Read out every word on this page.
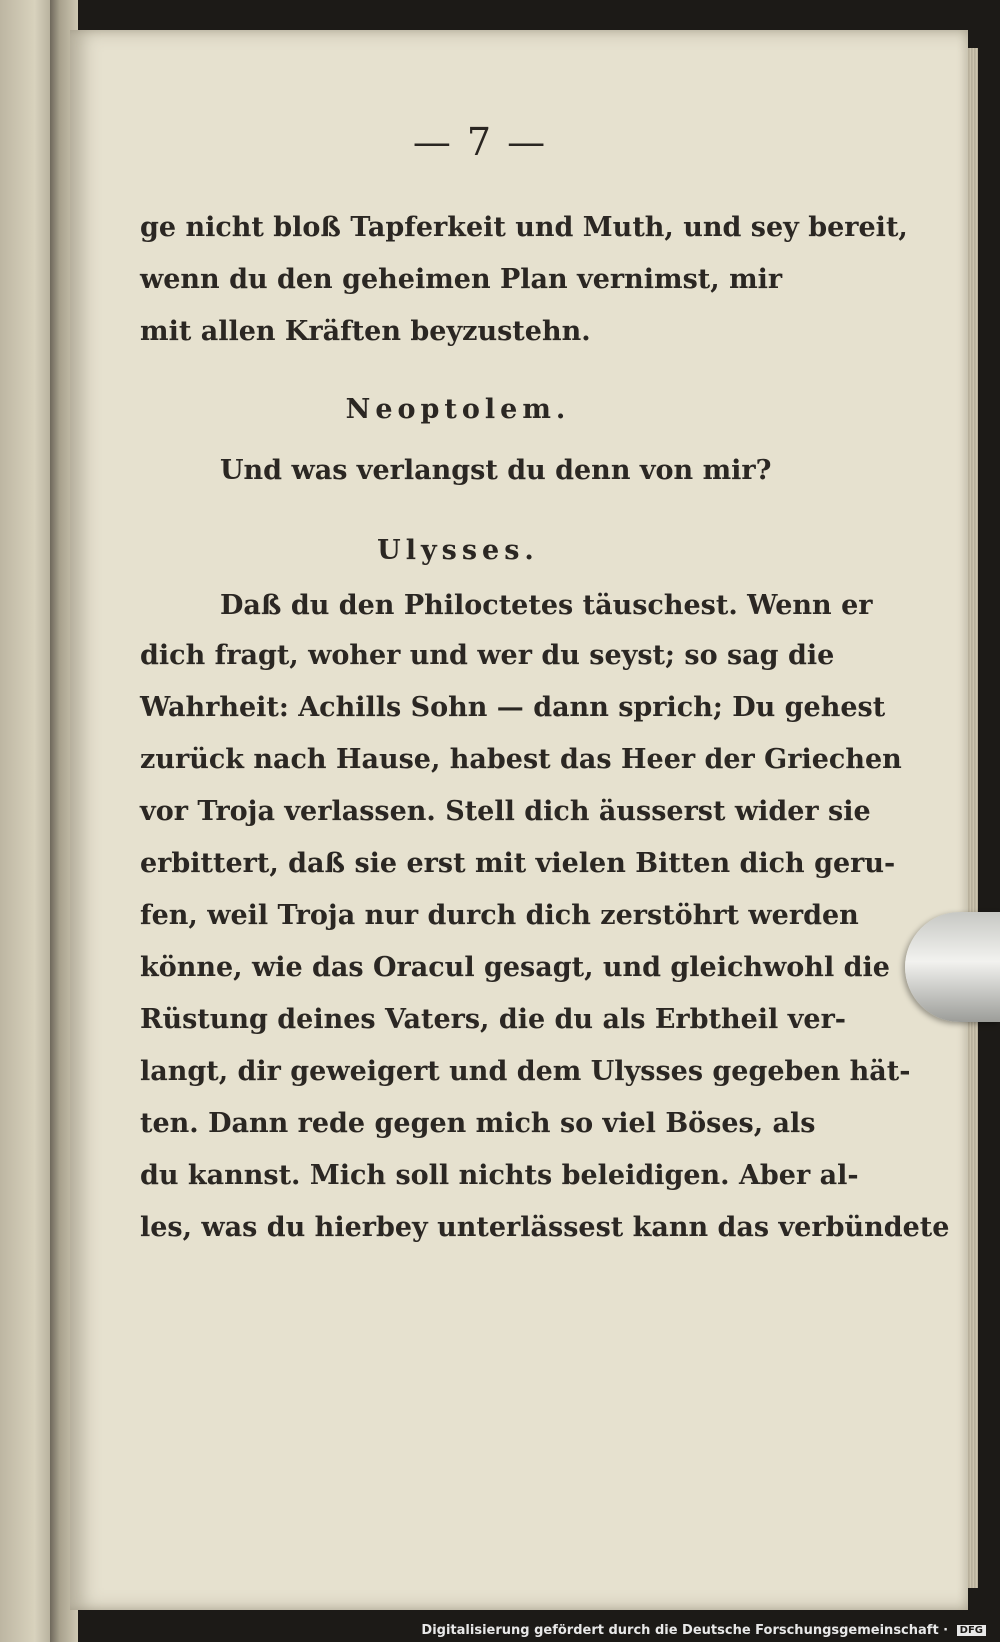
— 7 —
ge nicht bloß Tapferkeit und Muth, und sey bereit,
wenn du den geheimen Plan vernimst, mir
mit allen Kräften beyzustehn.
Neoptolem.
Und was verlangst du denn von mir?
Ulysses.
Daß du den Philoctetes täuschest. Wenn er
dich fragt, woher und wer du seyst; so sag die
Wahrheit: Achills Sohn — dann sprich; Du gehest
zurück nach Hause, habest das Heer der Griechen
vor Troja verlassen. Stell dich äusserst wider sie
erbittert, daß sie erst mit vielen Bitten dich geru-
fen, weil Troja nur durch dich zerstöhrt werden
könne, wie das Oracul gesagt, und gleichwohl die
Rüstung deines Vaters, die du als Erbtheil ver-
langt, dir geweigert und dem Ulysses gegeben hät-
ten. Dann rede gegen mich so viel Böses, als
du kannst. Mich soll nichts beleidigen. Aber al-
les, was du hierbey unterlässest kann das verbündete
Digitalisierung gefördert durch die Deutsche Forschungsgemeinschaft · DFG
